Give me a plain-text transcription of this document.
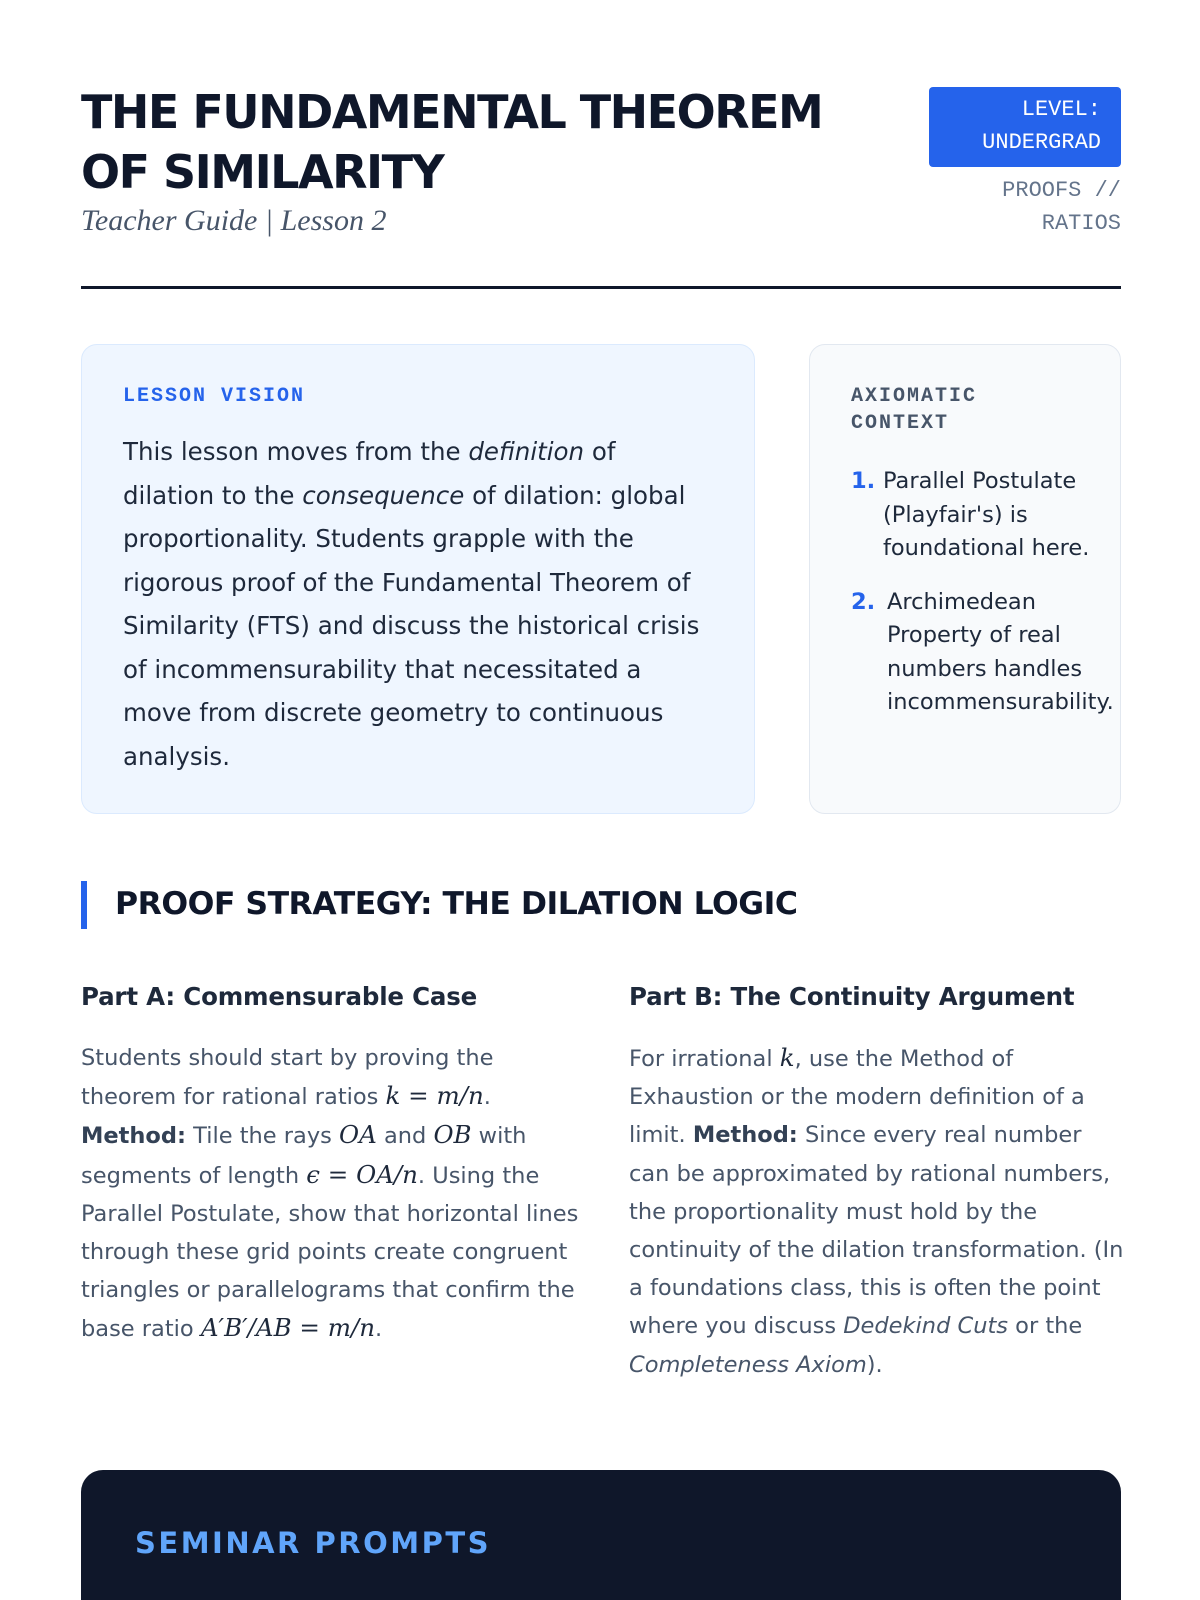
THE FUNDAMENTAL THEOREM
OF SIMILARITY
Teacher Guide | Lesson 2
LEVEL:
UNDERGRAD
PROOFS //
RATIOS
LESSON VISION

This lesson moves from the definition of dilation to the consequence of dilation: global proportionality. Students grapple with the rigorous proof of the Fundamental Theorem of Similarity (FTS) and discuss the historical crisis of incommensurability that necessitated a move from discrete geometry to continuous analysis.

AXIOMATIC
CONTEXT
1. Parallel Postulate (Playfair's) is foundational here.
2. Archimedean Property of real numbers handles incommensurability.
PROOF STRATEGY: THE DILATION LOGIC
Part A: Commensurable Case

Students should start by proving the theorem for rational ratios k = m/n. Method: Tile the rays OA and OB with segments of length ϵ = OA/n. Using the Parallel Postulate, show that horizontal lines through these grid points create congruent triangles or parallelograms that confirm the base ratio A′B′/AB = m/n.

Part B: The Continuity Argument

For irrational k, use the Method of Exhaustion or the modern definition of a limit. Method: Since every real number can be approximated by rational numbers, the proportionality must hold by the continuity of the dilation transformation. (In a foundations class, this is often the point where you discuss Dedekind Cuts or the Completeness Axiom).

SEMINAR PROMPTS
